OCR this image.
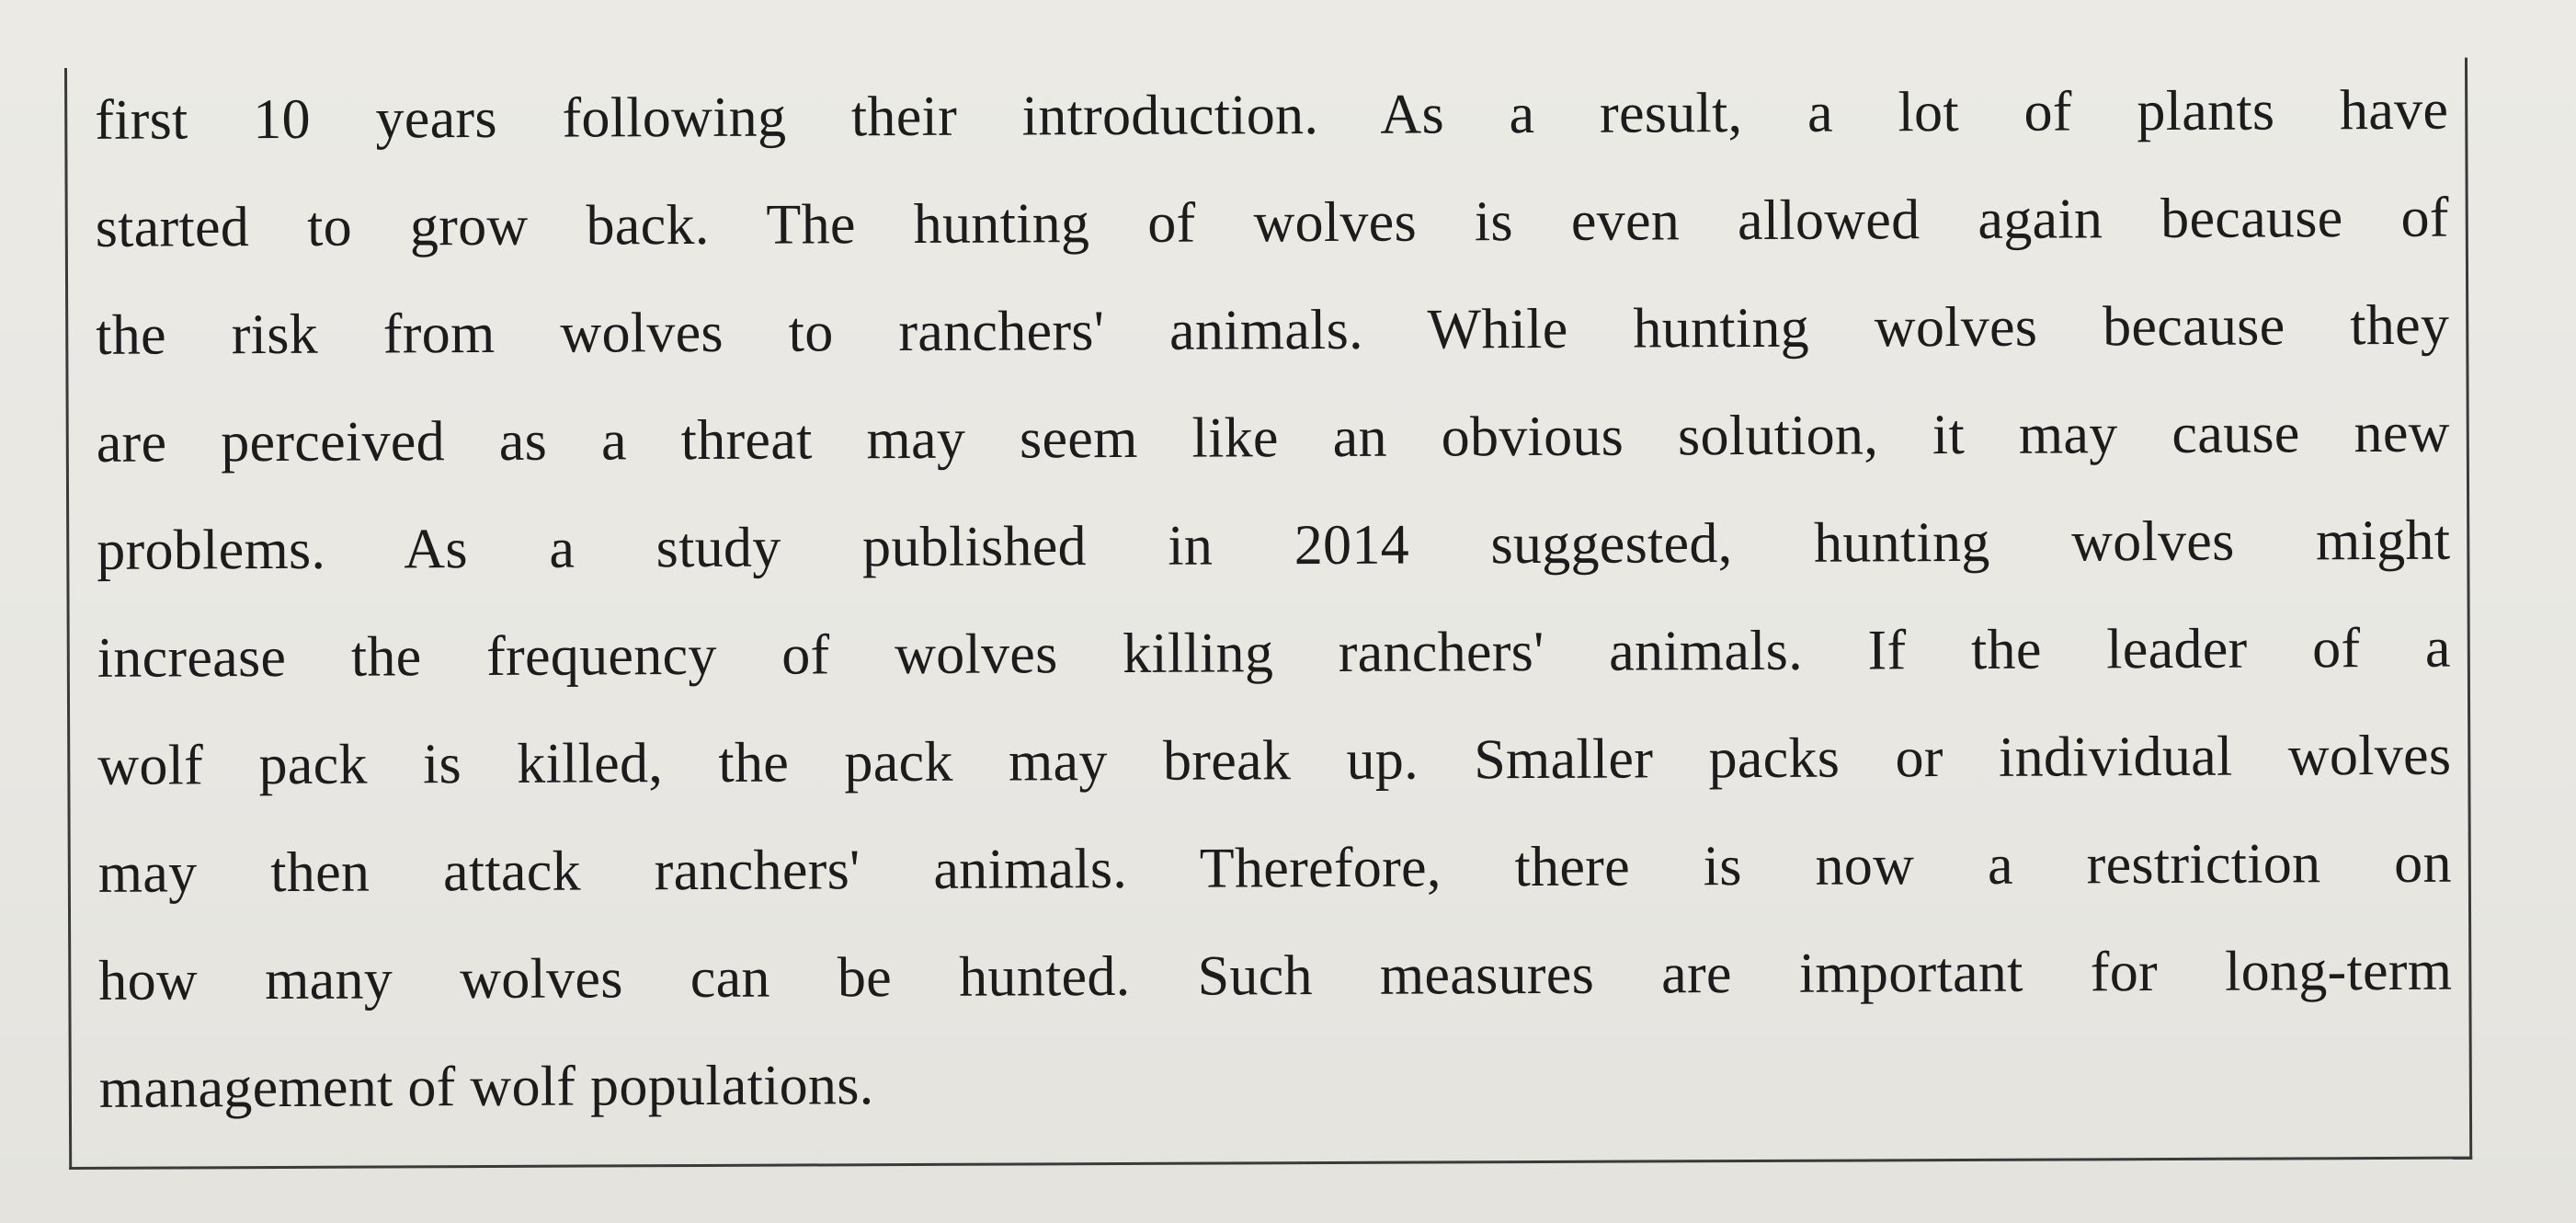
first 10 years following their introduction. As a result, a lot of plants have
started to grow back. The hunting of wolves is even allowed again because of
the risk from wolves to ranchers' animals. While hunting wolves because they
are perceived as a threat may seem like an obvious solution, it may cause new
problems. As a study published in 2014 suggested, hunting wolves might
increase the frequency of wolves killing ranchers' animals. If the leader of a
wolf pack is killed, the pack may break up. Smaller packs or individual wolves
may then attack ranchers' animals. Therefore, there is now a restriction on
how many wolves can be hunted. Such measures are important for long-term
management of wolf populations.
